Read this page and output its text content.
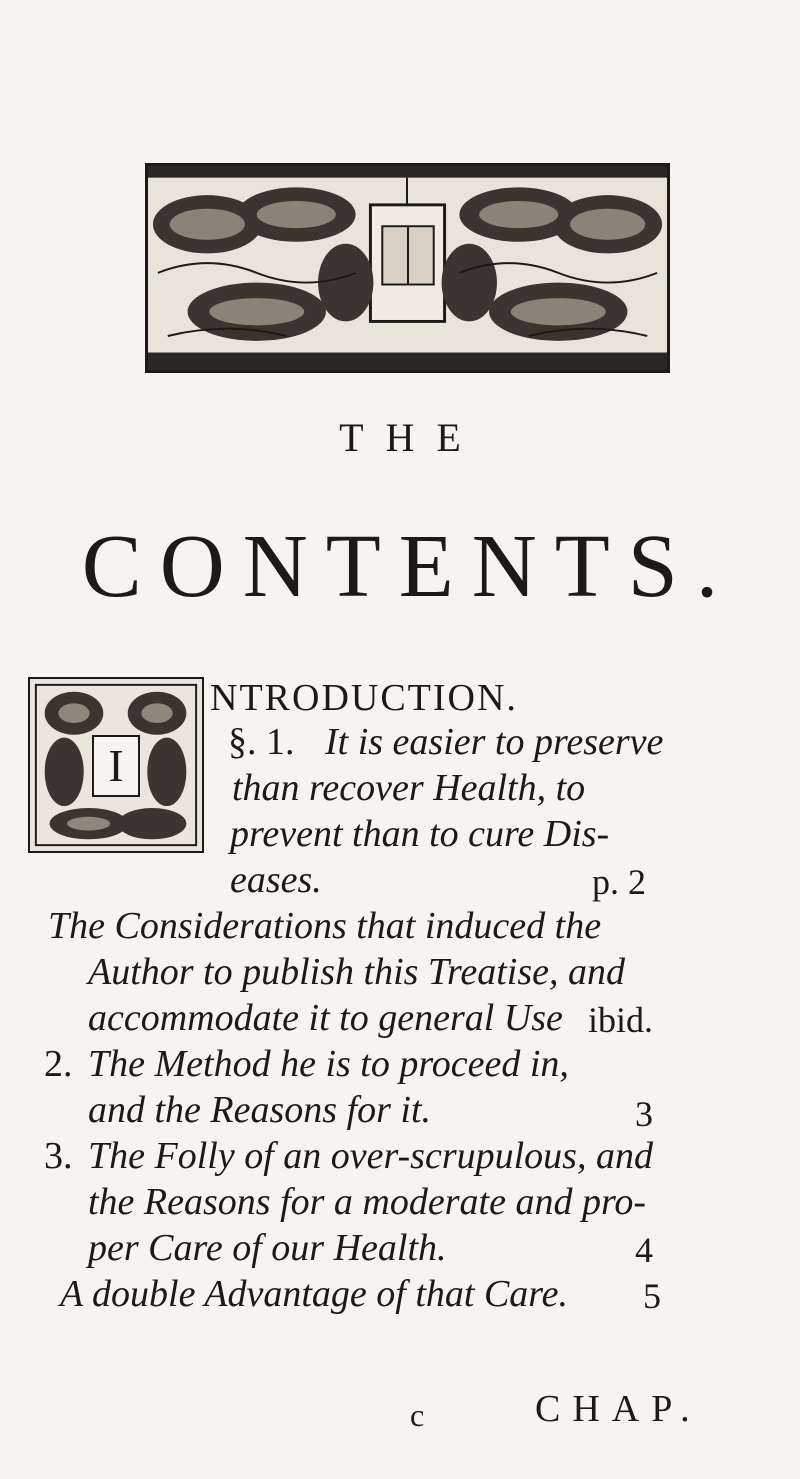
THE
CONTENTS.
I
NTRODUCTION.
§. 1. It is easier to preserve
than recover Health, to
prevent than to cure Dis-
eases.	p. 2
The Considerations that induced the
Author to publish this Treatise, and
accommodate it to general Use ibid.
2. The Method he is to proceed in,
and the Reasons for it.	3
3. The Folly of an over-scrupulous, and
the Reasons for a moderate and pro-
per Care of our Health.	4
A double Advantage of that Care. 5
c	CHAP.
